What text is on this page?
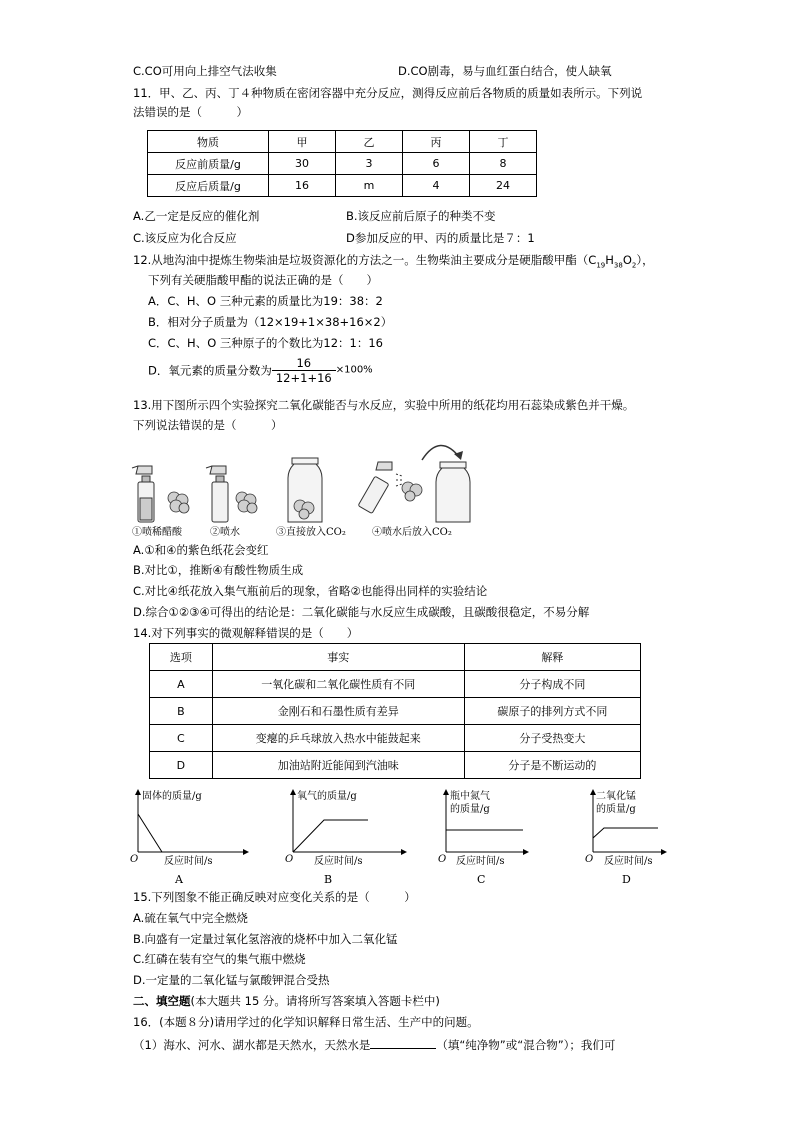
C.CO可用向上排空气法收集	D.CO剧毒，易与血红蛋白结合，使人缺氧
11．甲、乙、丙、丁４种物质在密闭容器中充分反应，测得反应前后各物质的质量如表所示。下列说
法错误的是（　　　）
物质	甲	乙	丙	丁
反应前质量/g	30	3	6	8
反应后质量/g	16	m	4	24
A.乙一定是反应的催化剂	B.该反应前后原子的种类不变
C.该反应为化合反应	D参加反应的甲、丙的质量比是７：1
12.从地沟油中提炼生物柴油是垃圾资源化的方法之一。生物柴油主要成分是硬脂酸甲酯$(C_{19}H_{38}O_2)$，
下列有关硬脂酸甲酯的说法正确的是（　　）
A．C、H、O 三种元素的质量比为19：38：2
B．相对分子质量为（12×19+1×38+16×2）
C．C、H、O 三种原子的个数比为12：1：16
D．氧元素的质量分数为 $\frac{16}{12+1+16} \times 100\%$
13.用下图所示四个实验探究二氧化碳能否与水反应，实验中所用的纸花均用石蕊染成紫色并干燥。
下列说法错误的是（　　　）
①喷稀醋酸	②喷水	③直接放入CO₂	④喷水后放入CO₂
A.①和④的紫色纸花会变红
B.对比①，推断④有酸性物质生成
C.对比④纸花放入集气瓶前后的现象，省略②也能得出同样的实验结论
D.综合①②③④可得出的结论是：二氧化碳能与水反应生成碳酸，且碳酸很稳定，不易分解
14.对下列事实的微观解释错误的是（　　）
选项	事实	解释
A	一氧化碳和二氧化碳性质有不同	分子构成不同
B	金刚石和石墨性质有差异	碳原子的排列方式不同
C	变瘪的乒乓球放入热水中能鼓起来	分子受热变大
D	加油站附近能闻到汽油味	分子是不断运动的
固体的质量/g
O	反应时间/s
A
氧气的质量/g
O 反应时间/s
B
瓶中氮气
的质量/g
O 反应时间/s
C
二氧化锰
的质量/g
O 反应时间/s
D
15.下列图象不能正确反映对应变化关系的是（　　　）
A.硫在氧气中完全燃烧
B.向盛有一定量过氧化氢溶液的烧杯中加入二氧化锰
C.红磷在装有空气的集气瓶中燃烧
D.一定量的二氧化锰与氯酸钾混合受热
二、填空题(本大题共 15 分。请将所写答案填入答题卡栏中)
16．(本题８分)请用学过的化学知识解释日常生活、生产中的问题。
（1）海水、河水、湖水都是天然水，天然水是	（填“纯净物”或“混合物”）；我们可
